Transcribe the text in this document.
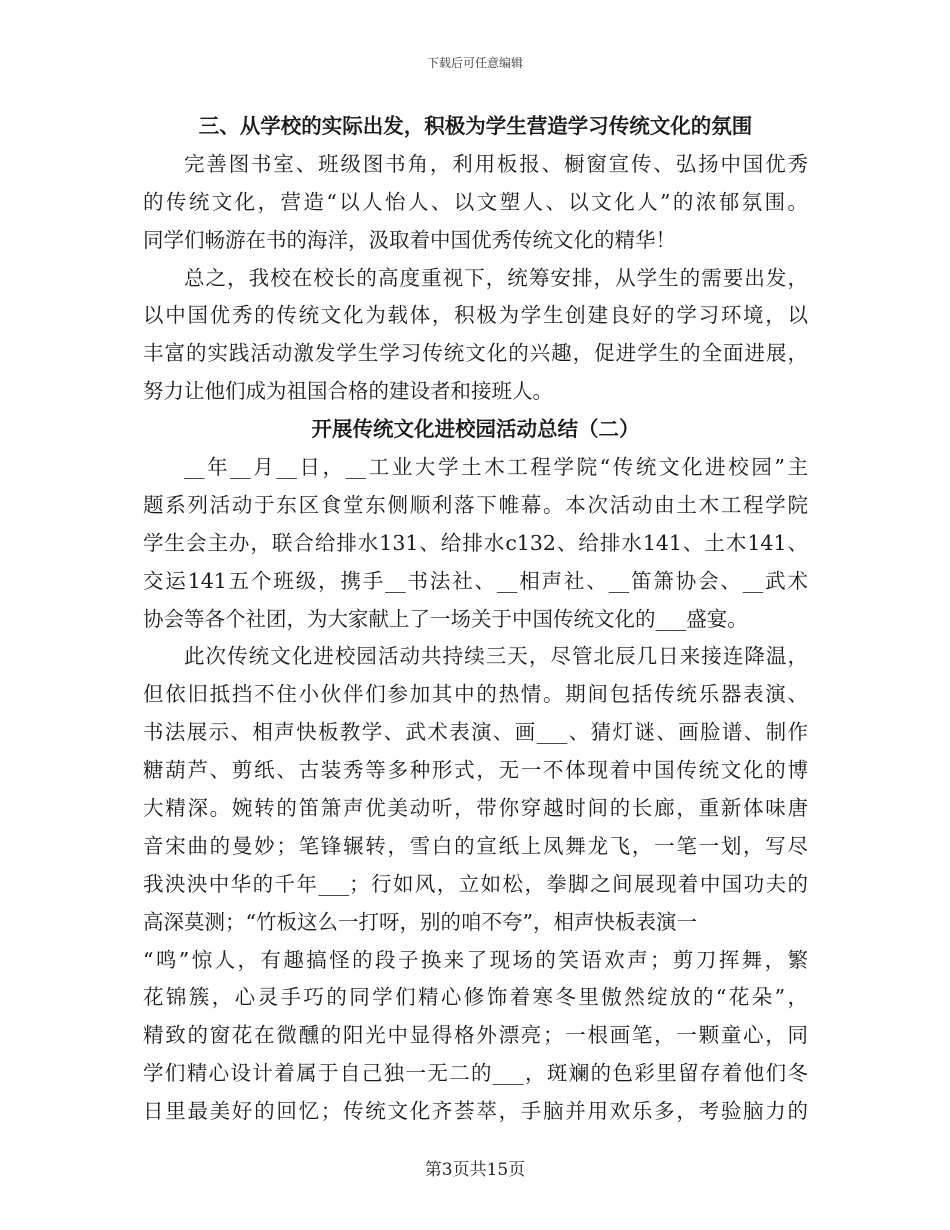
下载后可任意编辑
三、从学校的实际出发，积极为学生营造学习传统文化的氛围
完善图书室、班级图书角，利用板报、橱窗宣传、弘扬中国优秀
的传统文化，营造“以人怡人、以文塑人、以文化人”的浓郁氛围。
同学们畅游在书的海洋，汲取着中国优秀传统文化的精华！
总之，我校在校长的高度重视下，统筹安排，从学生的需要出发，
以中国优秀的传统文化为载体，积极为学生创建良好的学习环境，以
丰富的实践活动激发学生学习传统文化的兴趣，促进学生的全面进展，
努力让他们成为祖国合格的建设者和接班人。
开展传统文化进校园活动总结（二）
__年__月__日，__工业大学土木工程学院“传统文化进校园”主
题系列活动于东区食堂东侧顺利落下帷幕。本次活动由土木工程学院
学生会主办，联合给排水131、给排水c132、给排水141、土木141、
交运141五个班级，携手__书法社、__相声社、__笛箫协会、__武术
协会等各个社团，为大家献上了一场关于中国传统文化的___盛宴。
此次传统文化进校园活动共持续三天，尽管北辰几日来接连降温，
但依旧抵挡不住小伙伴们参加其中的热情。期间包括传统乐器表演、
书法展示、相声快板教学、武术表演、画___、猜灯谜、画脸谱、制作
糖葫芦、剪纸、古装秀等多种形式，无一不体现着中国传统文化的博
大精深。婉转的笛箫声优美动听，带你穿越时间的长廊，重新体味唐
音宋曲的曼妙；笔锋辗转，雪白的宣纸上凤舞龙飞，一笔一划，写尽
我泱泱中华的千年___；行如风，立如松，拳脚之间展现着中国功夫的
高深莫测；“竹板这么一打呀，别的咱不夸”，相声快板表演一
“鸣”惊人，有趣搞怪的段子换来了现场的笑语欢声；剪刀挥舞，繁
花锦簇，心灵手巧的同学们精心修饰着寒冬里傲然绽放的“花朵”，
精致的窗花在微醺的阳光中显得格外漂亮；一根画笔，一颗童心，同
学们精心设计着属于自己独一无二的___，斑斓的色彩里留存着他们冬
日里最美好的回忆；传统文化齐荟萃，手脑并用欢乐多，考验脑力的
第3页共15页
